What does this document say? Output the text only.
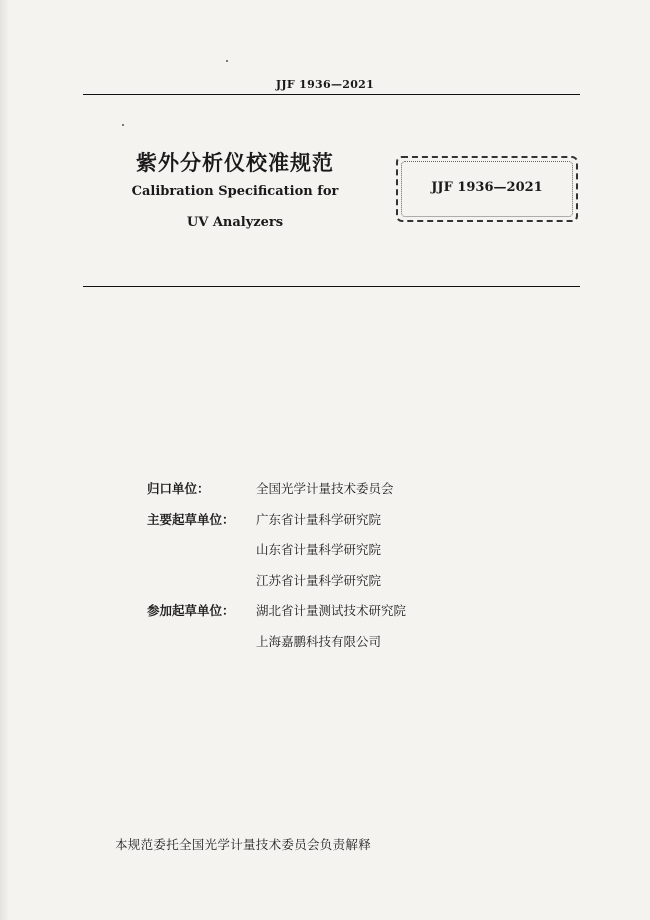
JJF 1936—2021
紫外分析仪校准规范
Calibration Specification for
UV Analyzers
JJF 1936—2021
归口单位：	全国光学计量技术委员会
主要起草单位： 广东省计量科学研究院
山东省计量科学研究院
江苏省计量科学研究院
参加起草单位： 湖北省计量测试技术研究院
上海嘉鹏科技有限公司
本规范委托全国光学计量技术委员会负责解释
